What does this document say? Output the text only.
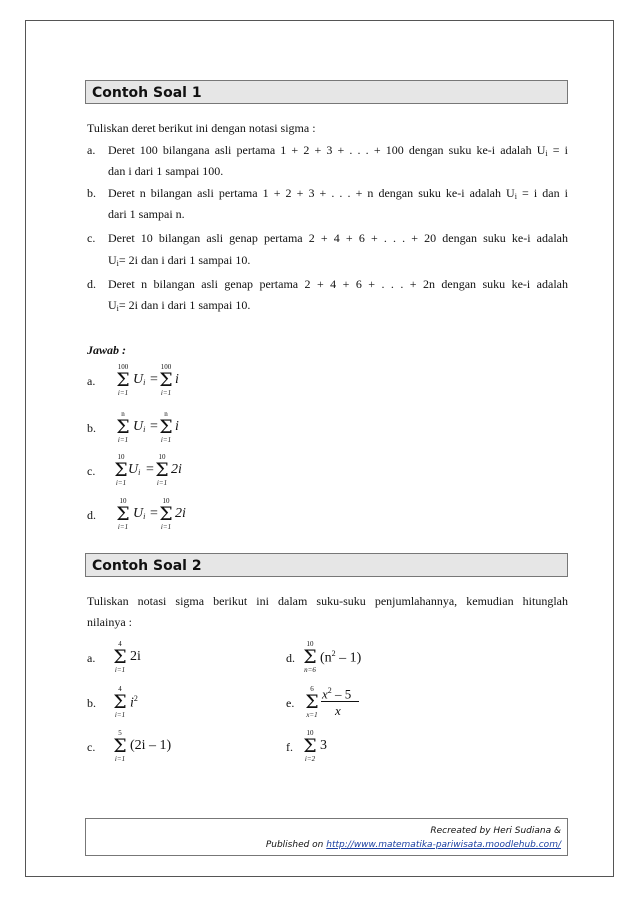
Contoh Soal 1
Tuliskan deret berikut ini dengan notasi sigma :
a. Deret 100 bilangana asli pertama 1 + 2 + 3 + . . . + 100 dengan suku ke-i adalah $U_i = i$
dan i dari 1 sampai 100.
b. Deret n bilangan asli pertama 1 + 2 + 3 + . . . + n dengan suku ke-i adalah $U_i = i$ dan i
dari 1 sampai n.
c. Deret 10 bilangan asli genap pertama 2 + 4 + 6 + . . . + 20 dengan suku ke-i adalah
$U_i= 2i$ dan i dari 1 sampai 10.
d. Deret n bilangan asli genap pertama 2 + 4 + 6 + . . . + 2n dengan suku ke-i adalah
$U_i= 2i$ dan i dari 1 sampai 10.
Jawab :
a.
100
Σ
i=1
$U_i$ =
100
Σ
i=1
i
b.
n
Σ
i=1
$U_i$ =
n
Σ
i=1
i
c.
10
Σ
i=1
$U_i$ =
10
Σ
i=1
2i
d.
10
Σ
i=1
$U_i$ =
10
Σ
i=1
2i
Contoh Soal 2
Tuliskan notasi sigma berikut ini dalam suku-suku penjumlahannya, kemudian hitunglah
nilainya :
a.
4
Σ
i=1
2i
b.
4
Σ
i=1
$i^2$
c.
5
Σ
i=1
(2i – 1)
d.
10
Σ
n=6
$(n^2 - 1)$
e.
6
Σ
x=1
$x^2 - 5$
x
f.
10
Σ
i=2
3
Recreated by Heri Sudiana &
Published on http://www.matematika-pariwisata.moodlehub.com/
